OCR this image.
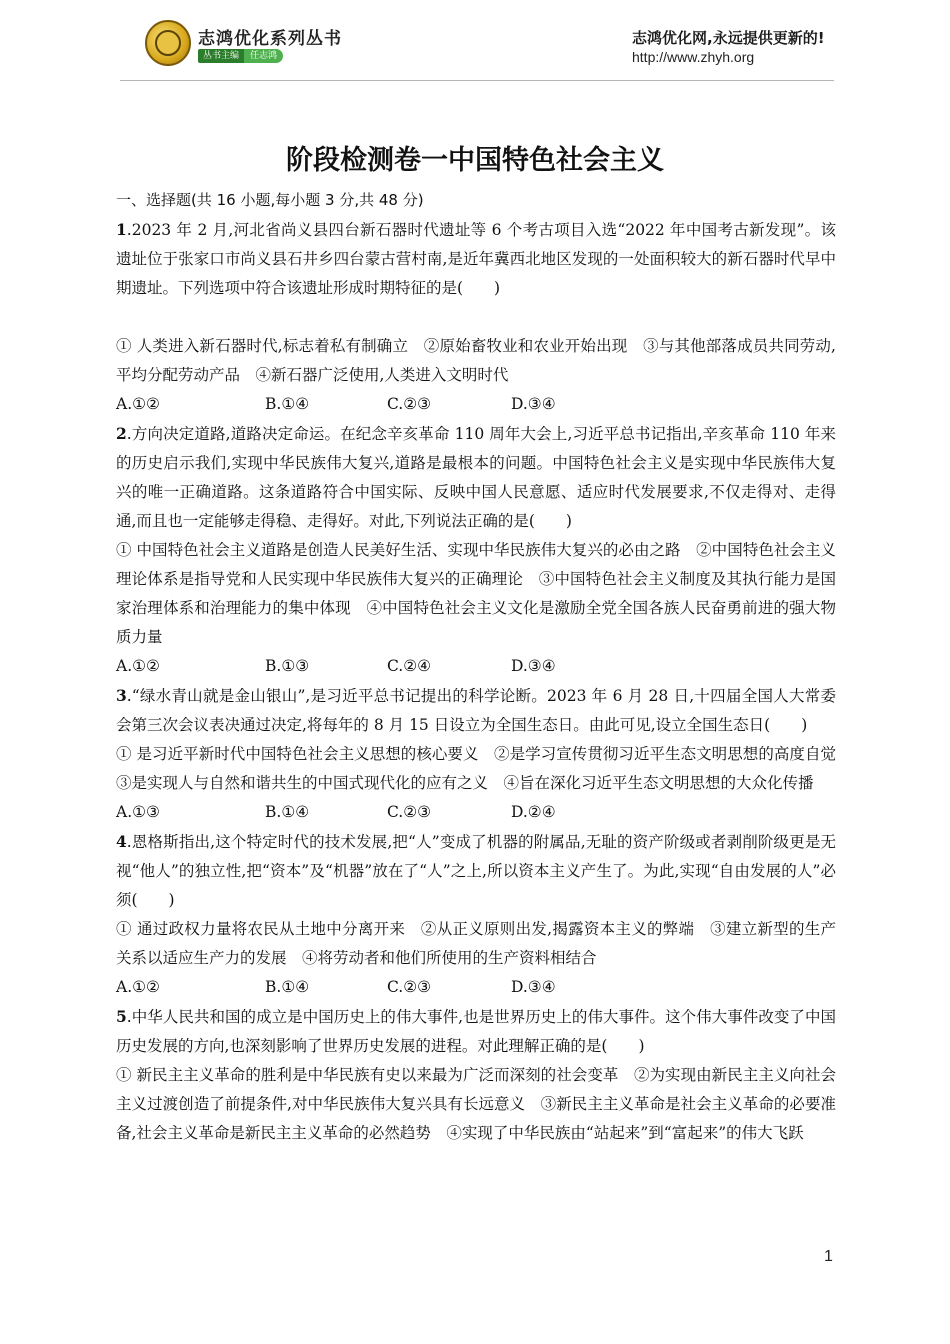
志鸿优化系列丛书
丛书主编	任志鸿
志鸿优化网,永远提供更新的!
http://www.zhyh.org
阶段检测卷一中国特色社会主义

一、选择题(共 16 小题,每小题 3 分,共 48 分)

1.2023 年 2 月,河北省尚义县四台新石器时代遗址等 6 个考古项目入选“2022 年中国考古新发现”。该遗址位于张家口市尚义县石井乡四台蒙古营村南,是近年冀西北地区发现的一处面积较大的新石器时代早中期遗址。下列选项中符合该遗址形成时期特征的是(　　)

① 人类进入新石器时代,标志着私有制确立　②原始畜牧业和农业开始出现　③与其他部落成员共同劳动,平均分配劳动产品　④新石器广泛使用,人类进入文明时代

A.①②	B.①④	C.②③	D.③④

2.方向决定道路,道路决定命运。在纪念辛亥革命 110 周年大会上,习近平总书记指出,辛亥革命 110 年来的历史启示我们,实现中华民族伟大复兴,道路是最根本的问题。中国特色社会主义是实现中华民族伟大复兴的唯一正确道路。这条道路符合中国实际、反映中国人民意愿、适应时代发展要求,不仅走得对、走得通,而且也一定能够走得稳、走得好。对此,下列说法正确的是(　　)

① 中国特色社会主义道路是创造人民美好生活、实现中华民族伟大复兴的必由之路　②中国特色社会主义理论体系是指导党和人民实现中华民族伟大复兴的正确理论　③中国特色社会主义制度及其执行能力是国家治理体系和治理能力的集中体现　④中国特色社会主义文化是激励全党全国各族人民奋勇前进的强大物质力量

A.①②	B.①③	C.②④	D.③④

3.“绿水青山就是金山银山”,是习近平总书记提出的科学论断。2023 年 6 月 28 日,十四届全国人大常委会第三次会议表决通过决定,将每年的 8 月 15 日设立为全国生态日。由此可见,设立全国生态日(　　)

① 是习近平新时代中国特色社会主义思想的核心要义　②是学习宣传贯彻习近平生态文明思想的高度自觉　③是实现人与自然和谐共生的中国式现代化的应有之义　④旨在深化习近平生态文明思想的大众化传播

A.①③	B.①④	C.②③	D.②④

4.恩格斯指出,这个特定时代的技术发展,把“人”变成了机器的附属品,无耻的资产阶级或者剥削阶级更是无视“他人”的独立性,把“资本”及“机器”放在了“人”之上,所以资本主义产生了。为此,实现“自由发展的人”必须(　　)

① 通过政权力量将农民从土地中分离开来　②从正义原则出发,揭露资本主义的弊端　③建立新型的生产关系以适应生产力的发展　④将劳动者和他们所使用的生产资料相结合

A.①②	B.①④	C.②③	D.③④

5.中华人民共和国的成立是中国历史上的伟大事件,也是世界历史上的伟大事件。这个伟大事件改变了中国历史发展的方向,也深刻影响了世界历史发展的进程。对此理解正确的是(　　)

① 新民主主义革命的胜利是中华民族有史以来最为广泛而深刻的社会变革　②为实现由新民主主义向社会主义过渡创造了前提条件,对中华民族伟大复兴具有长远意义　③新民主主义革命是社会主义革命的必要准备,社会主义革命是新民主主义革命的必然趋势　④实现了中华民族由“站起来”到“富起来”的伟大飞跃

1
